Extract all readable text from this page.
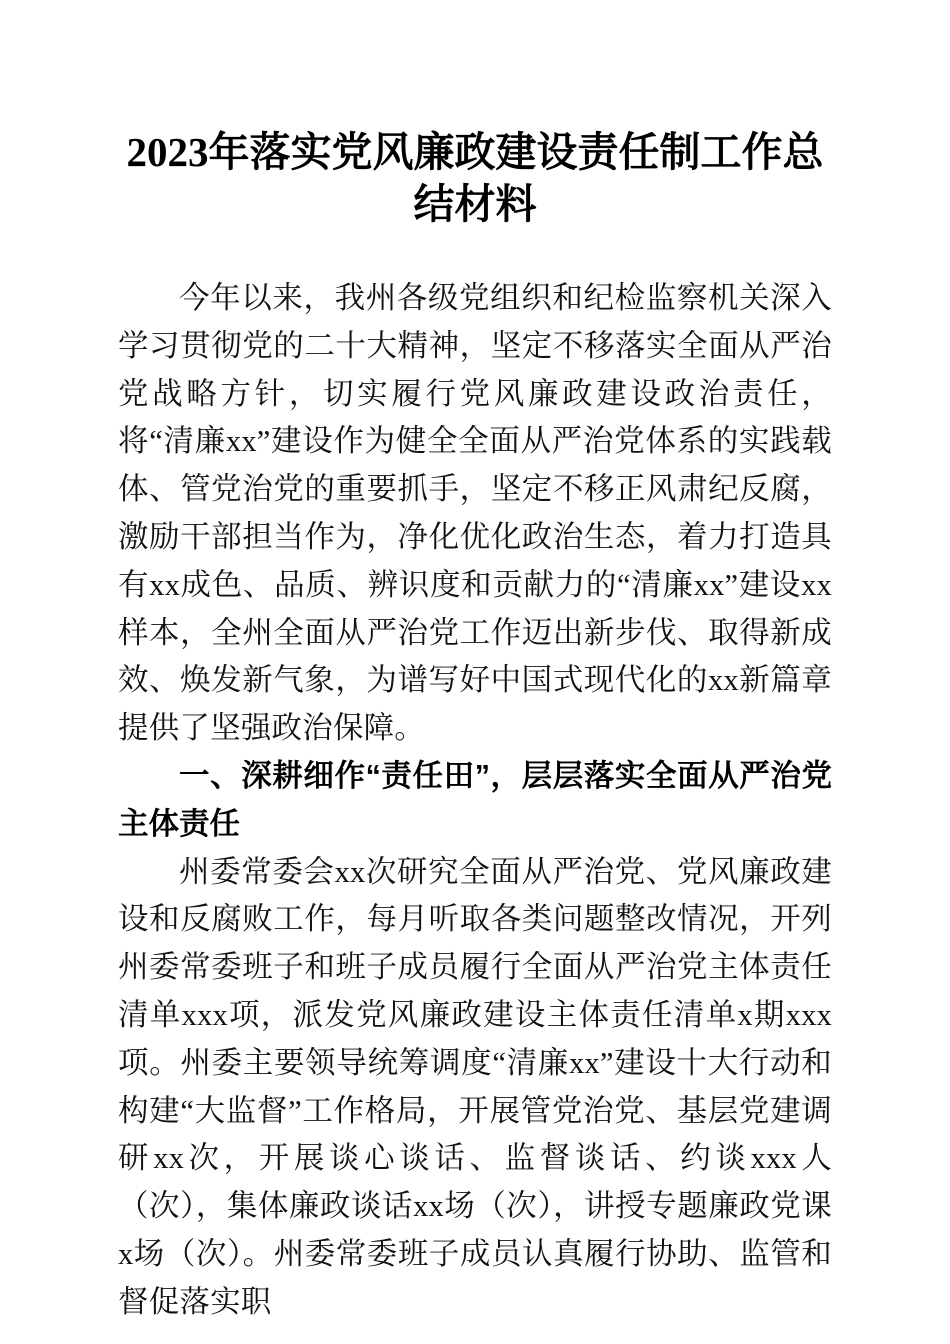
2023年落实党风廉政建设责任制工作总结材料

今年以来，我州各级党组织和纪检监察机关深入学习贯彻党的二十大精神，坚定不移落实全面从严治党战略方针，切实履行党风廉政建设政治责任，将“清廉xx”建设作为健全全面从严治党体系的实践载体、管党治党的重要抓手，坚定不移正风肃纪反腐，激励干部担当作为，净化优化政治生态，着力打造具有xx成色、品质、辨识度和贡献力的“清廉xx”建设xx样本，全州全面从严治党工作迈出新步伐、取得新成效、焕发新气象，为谱写好中国式现代化的xx新篇章提供了坚强政治保障。

一、深耕细作“责任田”，层层落实全面从严治党主体责任

州委常委会xx次研究全面从严治党、党风廉政建设和反腐败工作，每月听取各类问题整改情况，开列州委常委班子和班子成员履行全面从严治党主体责任清单xxx项，派发党风廉政建设主体责任清单x期xxx项。州委主要领导统筹调度“清廉xx”建设十大行动和构建“大监督”工作格局，开展管党治党、基层党建调研xx次，开展谈心谈话、监督谈话、约谈xxx人（次），集体廉政谈话xx场（次），讲授专题廉政党课x场（次）。州委常委班子成员认真履行协助、监管和督促落实职
